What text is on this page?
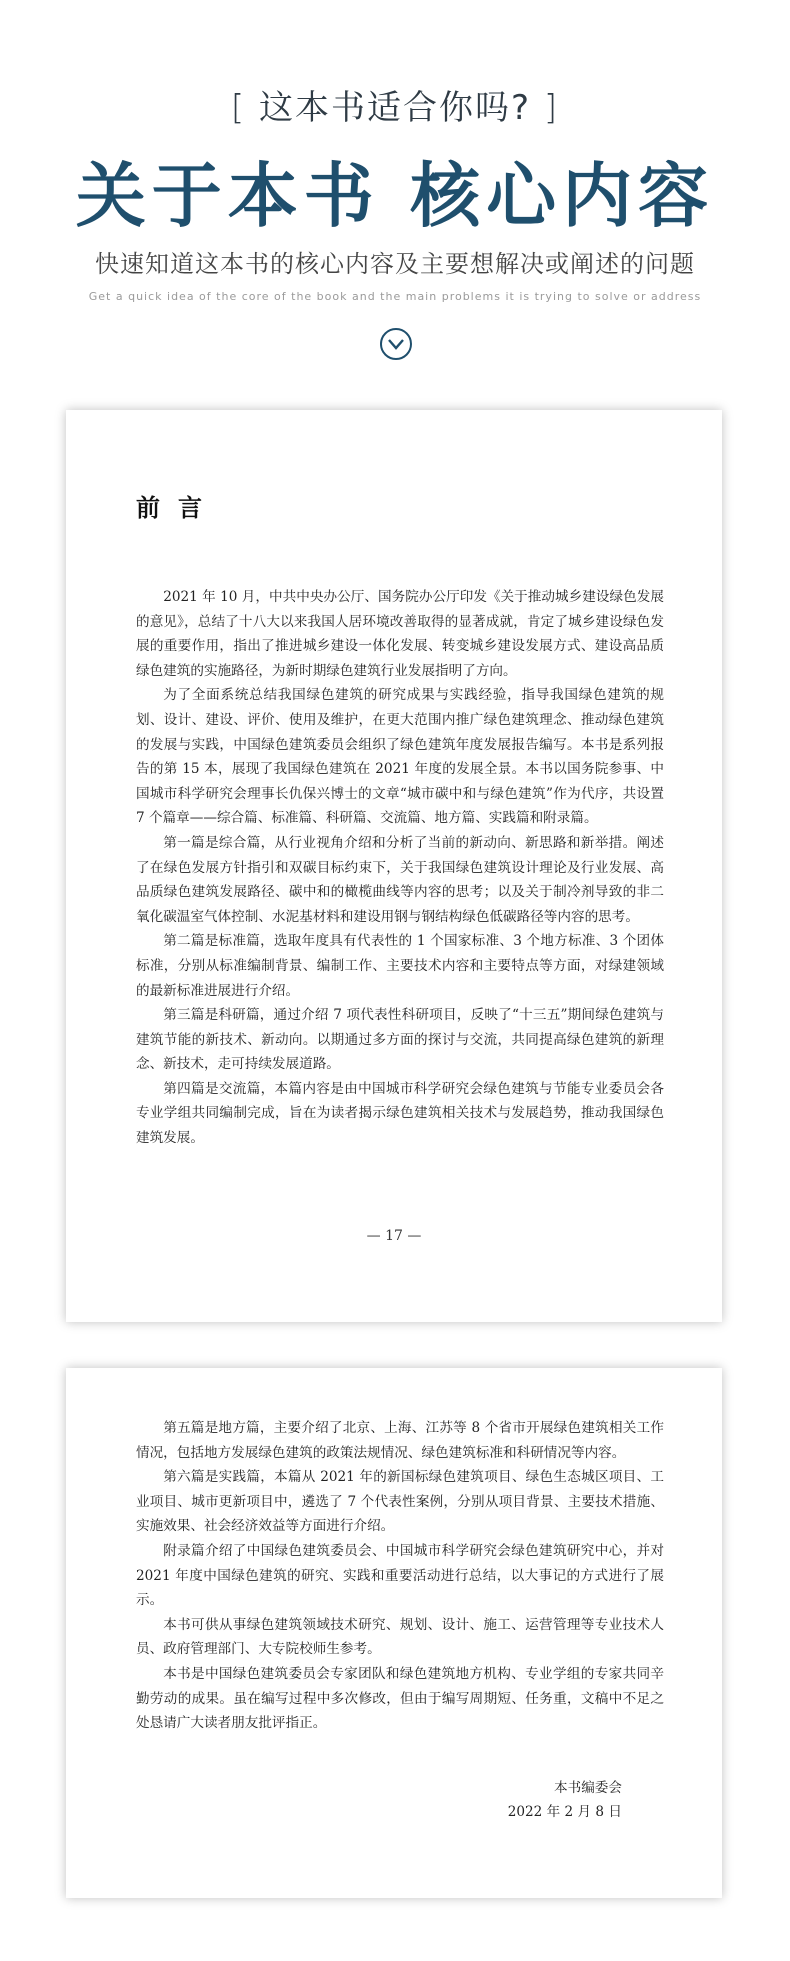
[ 这本书适合你吗? ]
关于本书 核心内容
快速知道这本书的核心内容及主要想解决或阐述的问题
Get a quick idea of the core of the book and the main problems it is trying to solve or address
前言

2021 年 10 月，中共中央办公厅、国务院办公厅印发《关于推动城乡建设绿色发展的意见》，总结了十八大以来我国人居环境改善取得的显著成就，肯定了城乡建设绿色发展的重要作用，指出了推进城乡建设一体化发展、转变城乡建设发展方式、建设高品质绿色建筑的实施路径，为新时期绿色建筑行业发展指明了方向。

为了全面系统总结我国绿色建筑的研究成果与实践经验，指导我国绿色建筑的规划、设计、建设、评价、使用及维护，在更大范围内推广绿色建筑理念、推动绿色建筑的发展与实践，中国绿色建筑委员会组织了绿色建筑年度发展报告编写。本书是系列报告的第 15 本，展现了我国绿色建筑在 2021 年度的发展全景。本书以国务院参事、中国城市科学研究会理事长仇保兴博士的文章“城市碳中和与绿色建筑”作为代序，共设置 7 个篇章——综合篇、标准篇、科研篇、交流篇、地方篇、实践篇和附录篇。

第一篇是综合篇，从行业视角介绍和分析了当前的新动向、新思路和新举措。阐述了在绿色发展方针指引和双碳目标约束下，关于我国绿色建筑设计理论及行业发展、高品质绿色建筑发展路径、碳中和的橄榄曲线等内容的思考；以及关于制冷剂导致的非二氧化碳温室气体控制、水泥基材料和建设用钢与钢结构绿色低碳路径等内容的思考。

第二篇是标准篇，选取年度具有代表性的 1 个国家标准、3 个地方标准、3 个团体标准，分别从标准编制背景、编制工作、主要技术内容和主要特点等方面，对绿建领域的最新标准进展进行介绍。

第三篇是科研篇，通过介绍 7 项代表性科研项目，反映了“十三五”期间绿色建筑与建筑节能的新技术、新动向。以期通过多方面的探讨与交流，共同提高绿色建筑的新理念、新技术，走可持续发展道路。

第四篇是交流篇，本篇内容是由中国城市科学研究会绿色建筑与节能专业委员会各专业学组共同编制完成，旨在为读者揭示绿色建筑相关技术与发展趋势，推动我国绿色建筑发展。

— 17 —

第五篇是地方篇，主要介绍了北京、上海、江苏等 8 个省市开展绿色建筑相关工作情况，包括地方发展绿色建筑的政策法规情况、绿色建筑标准和科研情况等内容。

第六篇是实践篇，本篇从 2021 年的新国标绿色建筑项目、绿色生态城区项目、工业项目、城市更新项目中，遴选了 7 个代表性案例，分别从项目背景、主要技术措施、实施效果、社会经济效益等方面进行介绍。

附录篇介绍了中国绿色建筑委员会、中国城市科学研究会绿色建筑研究中心，并对 2021 年度中国绿色建筑的研究、实践和重要活动进行总结，以大事记的方式进行了展示。

本书可供从事绿色建筑领域技术研究、规划、设计、施工、运营管理等专业技术人员、政府管理部门、大专院校师生参考。

本书是中国绿色建筑委员会专家团队和绿色建筑地方机构、专业学组的专家共同辛勤劳动的成果。虽在编写过程中多次修改，但由于编写周期短、任务重，文稿中不足之处恳请广大读者朋友批评指正。

本书编委会
2022 年 2 月 8 日
